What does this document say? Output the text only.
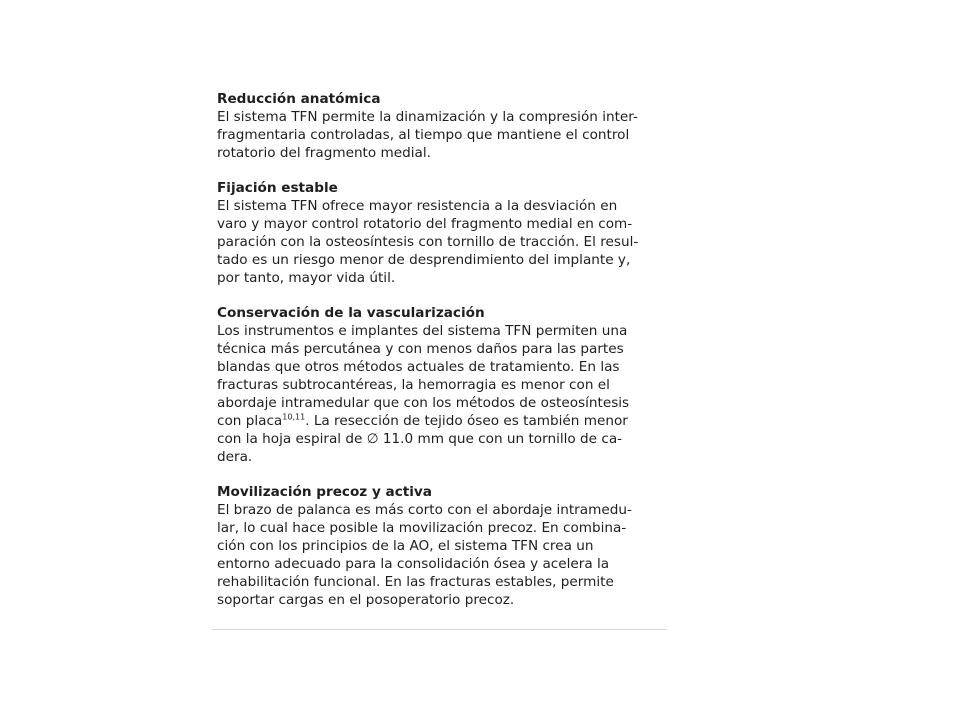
Reducción anatómica
El sistema TFN permite la dinamización y la compresión inter-
fragmentaria controladas, al tiempo que mantiene el control
rotatorio del fragmento medial.
Fijación estable
El sistema TFN ofrece mayor resistencia a la desviación en
varo y mayor control rotatorio del fragmento medial en com-
paración con la osteosíntesis con tornillo de tracción. El resul-
tado es un riesgo menor de desprendimiento del implante y,
por tanto, mayor vida útil.
Conservación de la vascularización
Los instrumentos e implantes del sistema TFN permiten una
técnica más percutánea y con menos daños para las partes
blandas que otros métodos actuales de tratamiento. En las
fracturas subtrocantéreas, la hemorragia es menor con el
abordaje intramedular que con los métodos de osteosíntesis
con placa$^{10,11}$. La resección de tejido óseo es también menor
con la hoja espiral de ∅ 11.0 mm que con un tornillo de ca-
dera.
Movilización precoz y activa
El brazo de palanca es más corto con el abordaje intramedu-
lar, lo cual hace posible la movilización precoz. En combina-
ción con los principios de la AO, el sistema TFN crea un
entorno adecuado para la consolidación ósea y acelera la
rehabilitación funcional. En las fracturas estables, permite
soportar cargas en el posoperatorio precoz.
